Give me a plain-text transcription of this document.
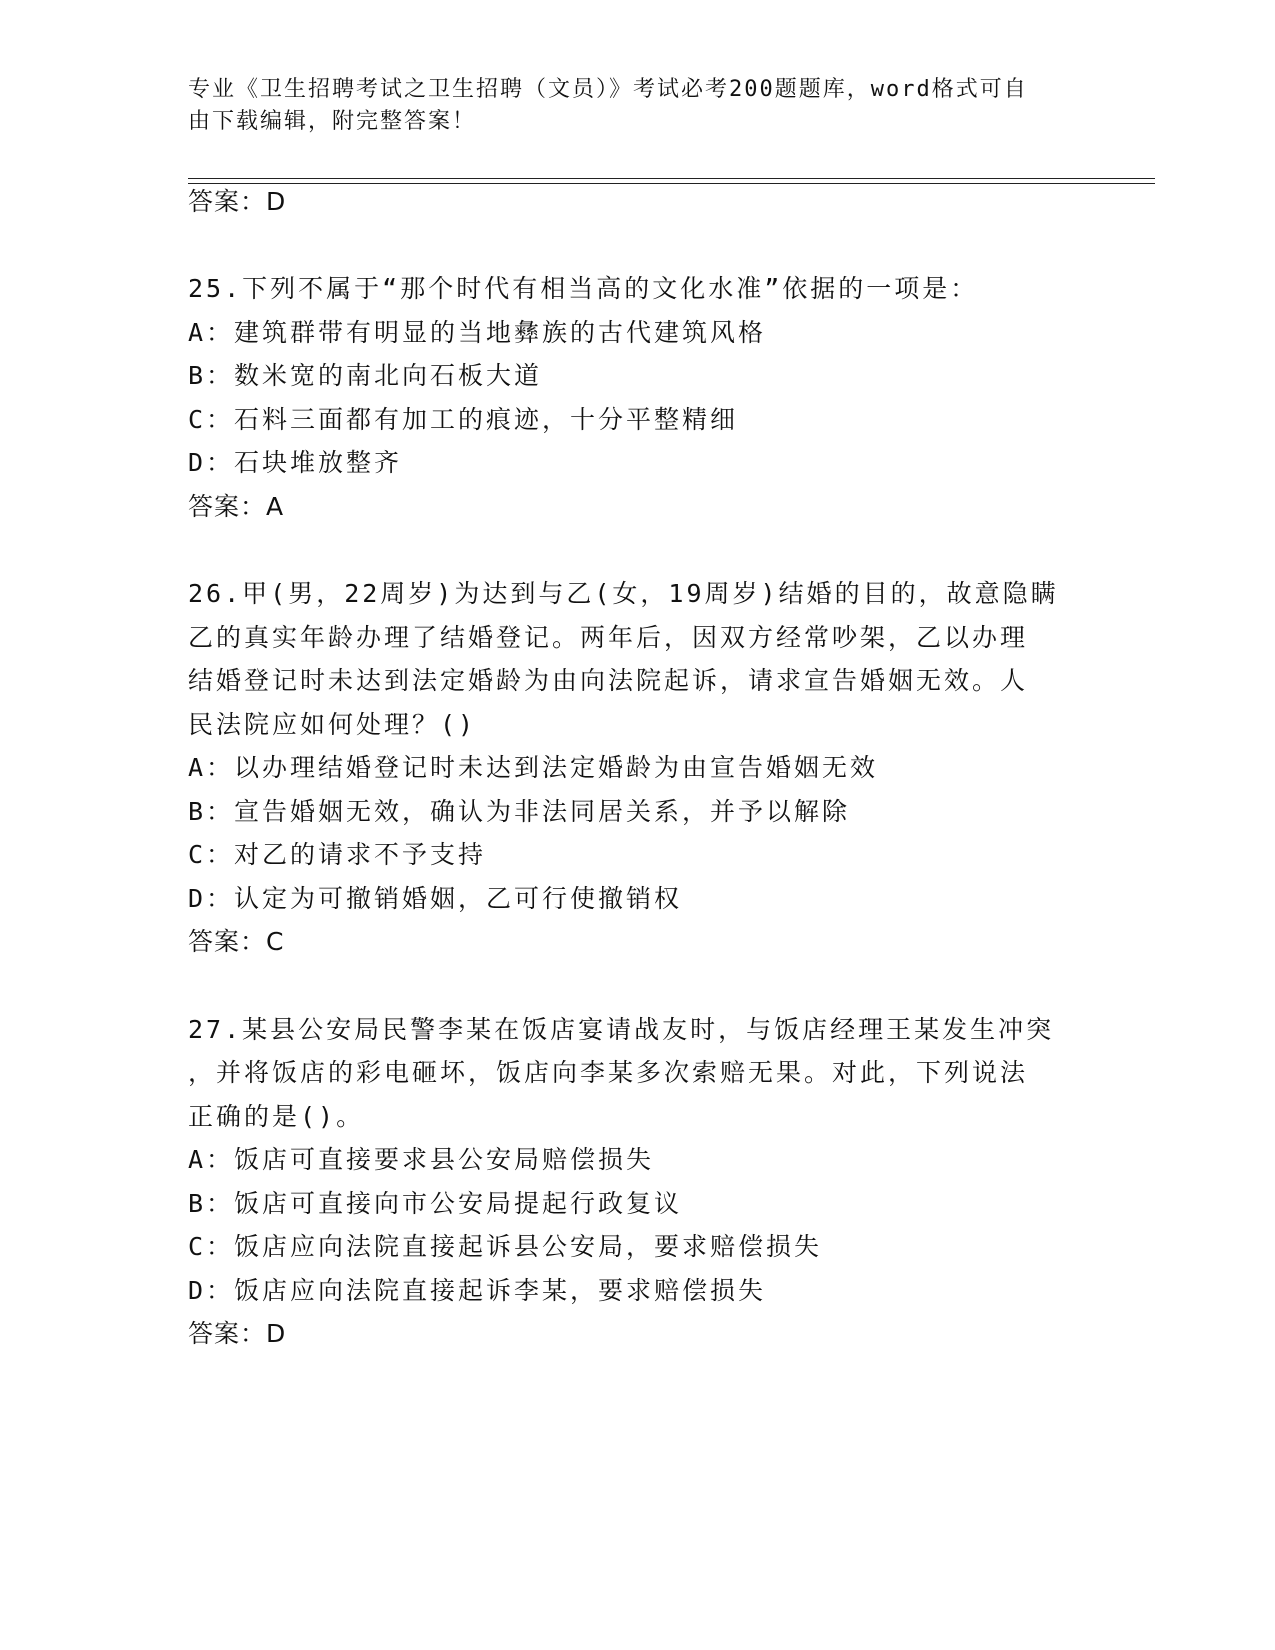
专业《卫生招聘考试之卫生招聘（文员）》考试必考200题题库，word格式可自
由下载编辑，附完整答案！
答案：D
25.下列不属于“那个时代有相当高的文化水准”依据的一项是：
A：建筑群带有明显的当地彝族的古代建筑风格
B：数米宽的南北向石板大道
C：石料三面都有加工的痕迹，十分平整精细
D：石块堆放整齐
答案：A
26.甲(男，22周岁)为达到与乙(女，19周岁)结婚的目的，故意隐瞒
乙的真实年龄办理了结婚登记。两年后，因双方经常吵架，乙以办理
结婚登记时未达到法定婚龄为由向法院起诉，请求宣告婚姻无效。人
民法院应如何处理？()
A：以办理结婚登记时未达到法定婚龄为由宣告婚姻无效
B：宣告婚姻无效，确认为非法同居关系，并予以解除
C：对乙的请求不予支持
D：认定为可撤销婚姻，乙可行使撤销权
答案：C
27.某县公安局民警李某在饭店宴请战友时，与饭店经理王某发生冲突
，并将饭店的彩电砸坏，饭店向李某多次索赔无果。对此，下列说法
正确的是()。
A：饭店可直接要求县公安局赔偿损失
B：饭店可直接向市公安局提起行政复议
C：饭店应向法院直接起诉县公安局，要求赔偿损失
D：饭店应向法院直接起诉李某，要求赔偿损失
答案：D
